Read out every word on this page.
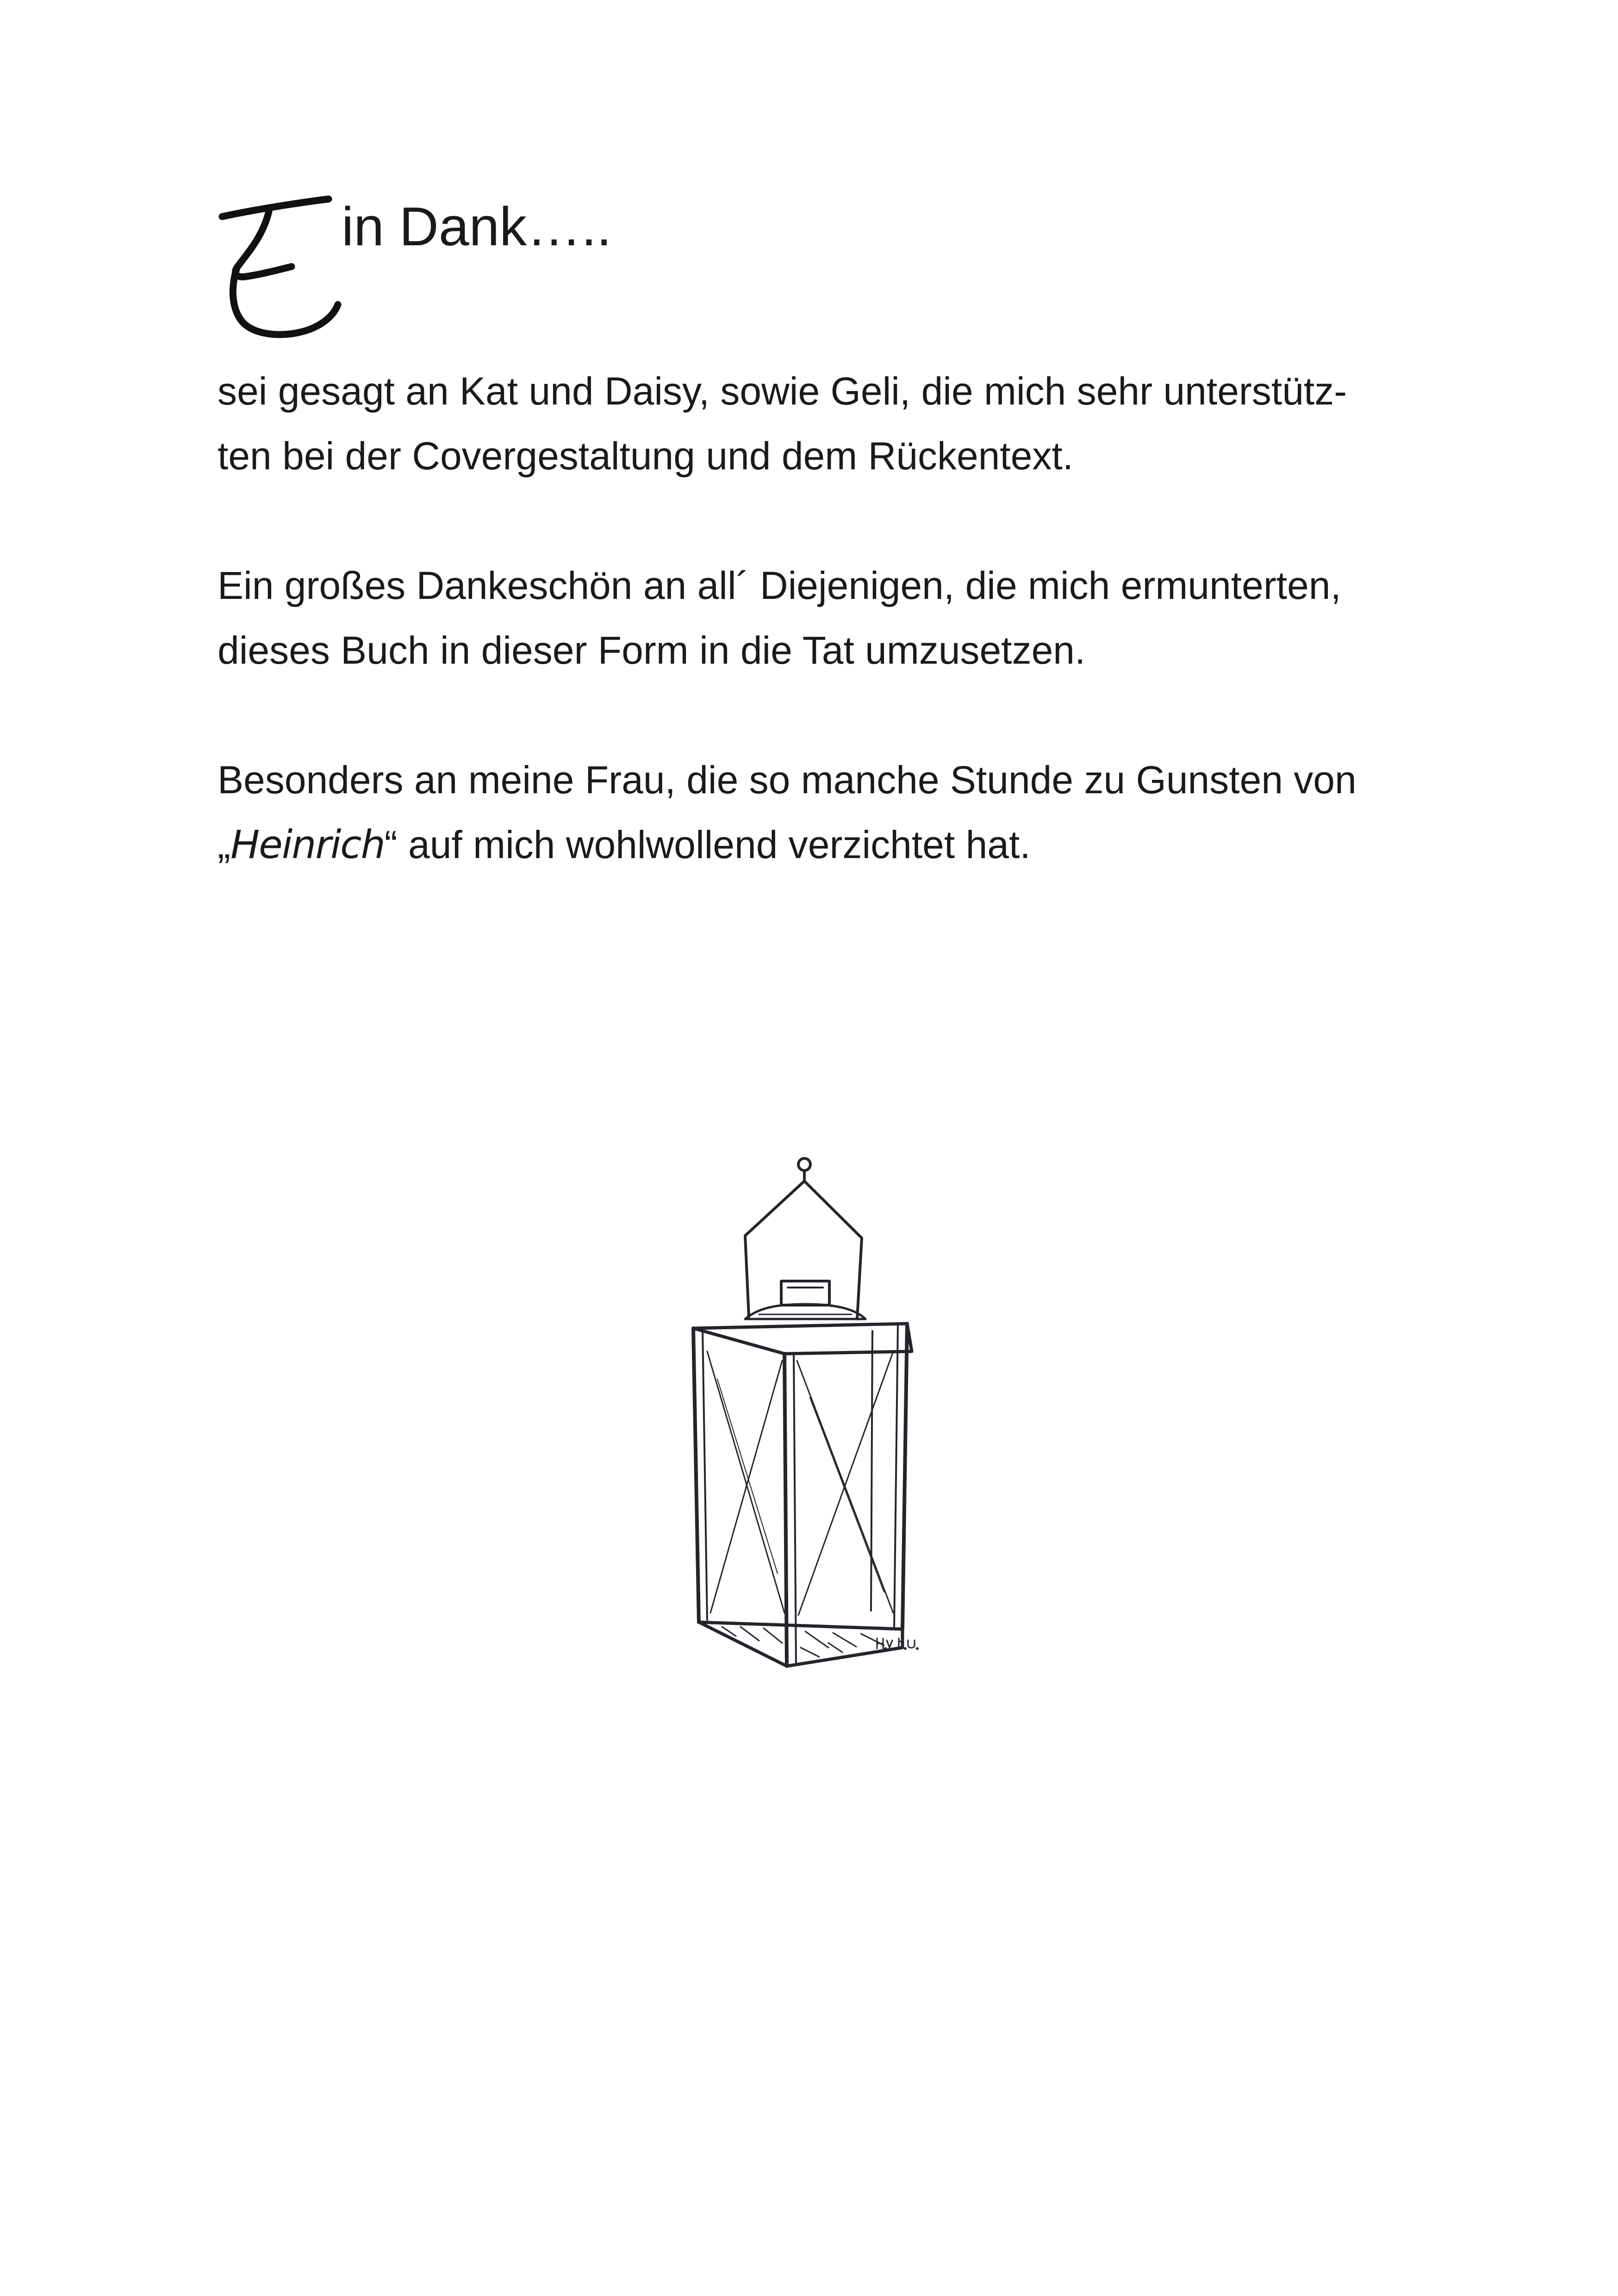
in Dank…..

sei gesagt an Kat und Daisy, sowie Geli, die mich sehr unterstütz-
ten bei der Covergestaltung und dem Rückentext.

Ein großes Dankeschön an all´ Diejenigen, die mich ermunterten,
dieses Buch in dieser Form in die Tat umzusetzen.

Besonders an meine Frau, die so manche Stunde zu Gunsten von
„Heinrich“ auf mich wohlwollend verzichtet hat.
